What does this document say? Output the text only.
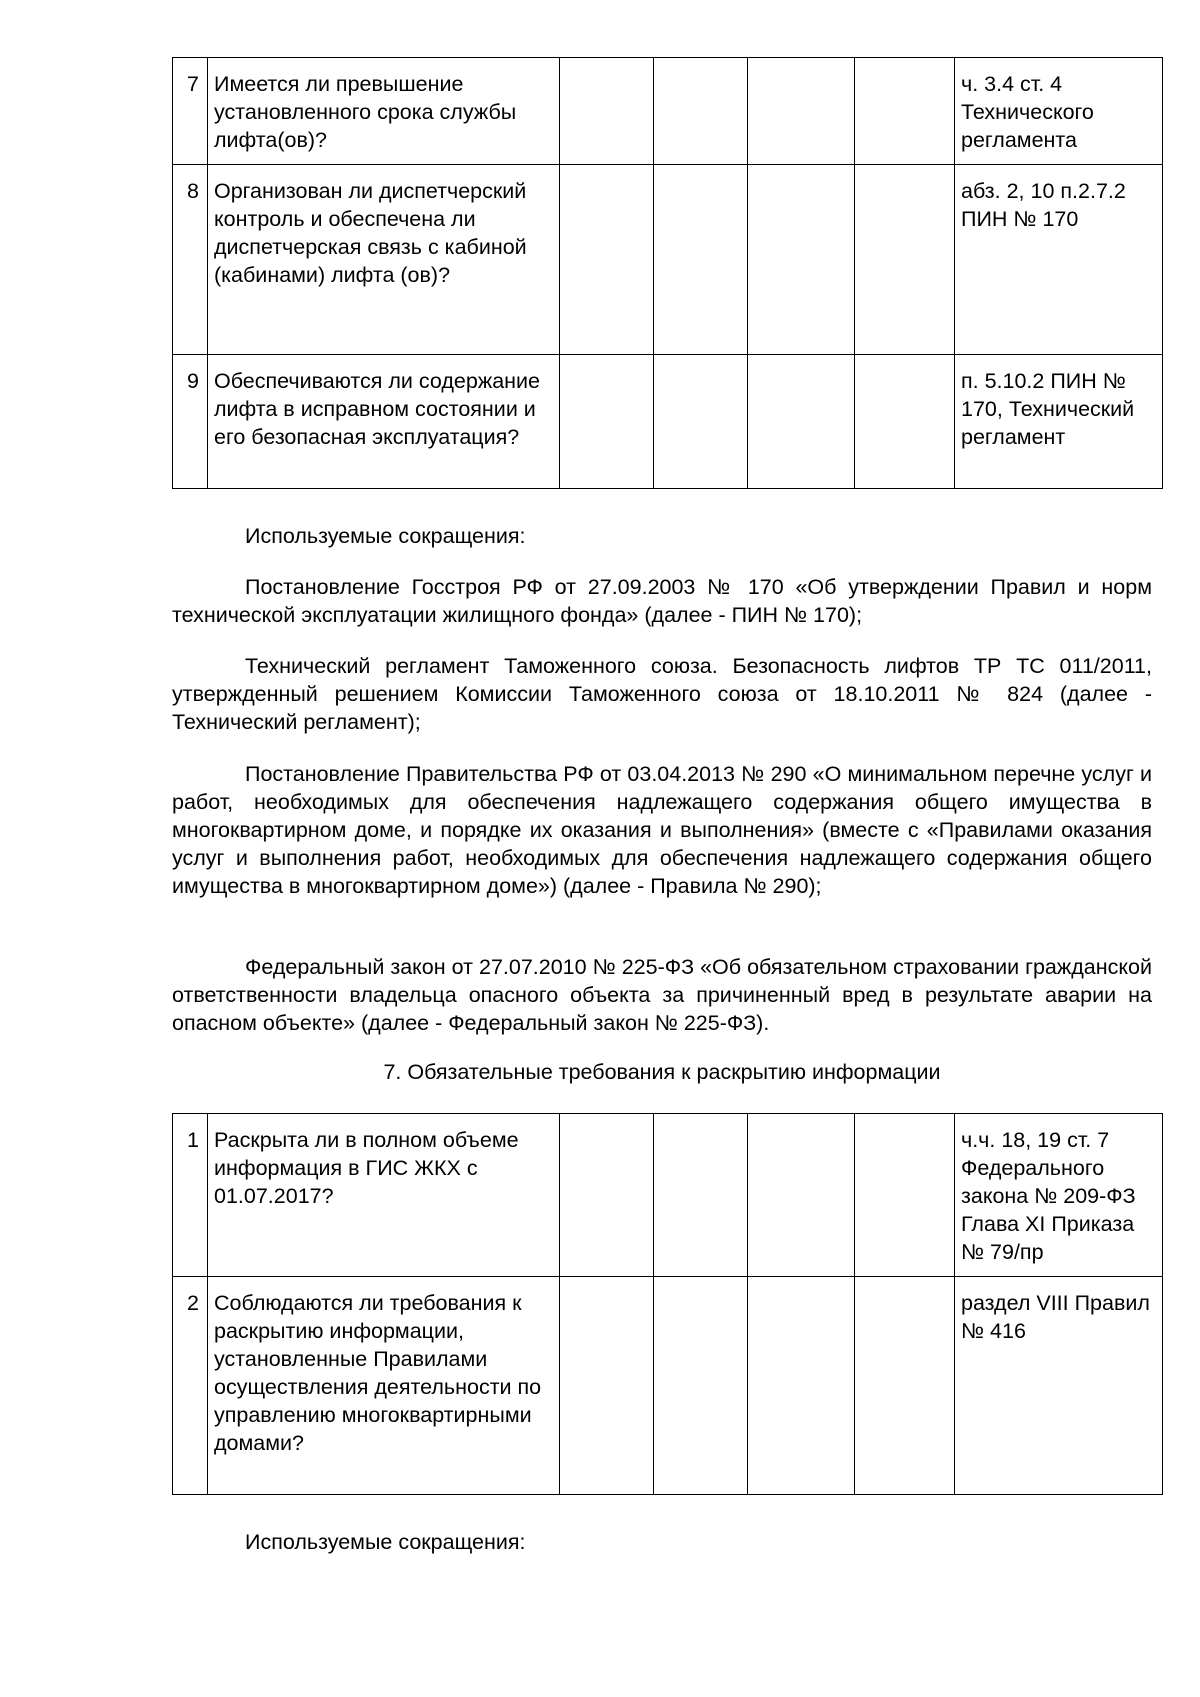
7	Имеется ли превышение установленного срока службы лифта(ов)?					ч. 3.4 ст. 4 Технического регламента
8	Организован ли диспетчерский контроль и обеспечена ли диспетчерская связь с кабиной (кабинами) лифта (ов)?					абз. 2, 10 п.2.7.2 ПИН № 170
9	Обеспечиваются ли содержание лифта в исправном состоянии и его безопасная эксплуатация?					п. 5.10.2 ПИН № 170, Технический регламент

Используемые сокращения:

Постановление Госстроя РФ от 27.09.2003 № 170 «Об утверждении Правил и норм технической эксплуатации жилищного фонда» (далее - ПИН № 170);

Технический регламент Таможенного союза. Безопасность лифтов ТР ТС 011/2011, утвержденный решением Комиссии Таможенного союза от 18.10.2011 № 824 (далее - Технический регламент);

Постановление Правительства РФ от 03.04.2013 № 290 «О минимальном перечне услуг и работ, необходимых для обеспечения надлежащего содержания общего имущества в многоквартирном доме, и порядке их оказания и выполнения» (вместе с «Правилами оказания услуг и выполнения работ, необходимых для обеспечения надлежащего содержания общего имущества в многоквартирном доме») (далее - Правила № 290);

Федеральный закон от 27.07.2010 № 225-ФЗ «Об обязательном страховании гражданской ответственности владельца опасного объекта за причиненный вред в результате аварии на опасном объекте» (далее - Федеральный закон № 225-ФЗ).

7. Обязательные требования к раскрытию информации

1	Раскрыта ли в полном объеме информация в ГИС ЖКХ с 01.07.2017?					ч.ч. 18, 19 ст. 7 Федерального закона № 209-ФЗ Глава XI Приказа № 79/пр
2	Соблюдаются ли требования к раскрытию информации, установленные Правилами осуществления деятельности по управлению многоквартирными домами?					раздел VIII Правил № 416

Используемые сокращения:
